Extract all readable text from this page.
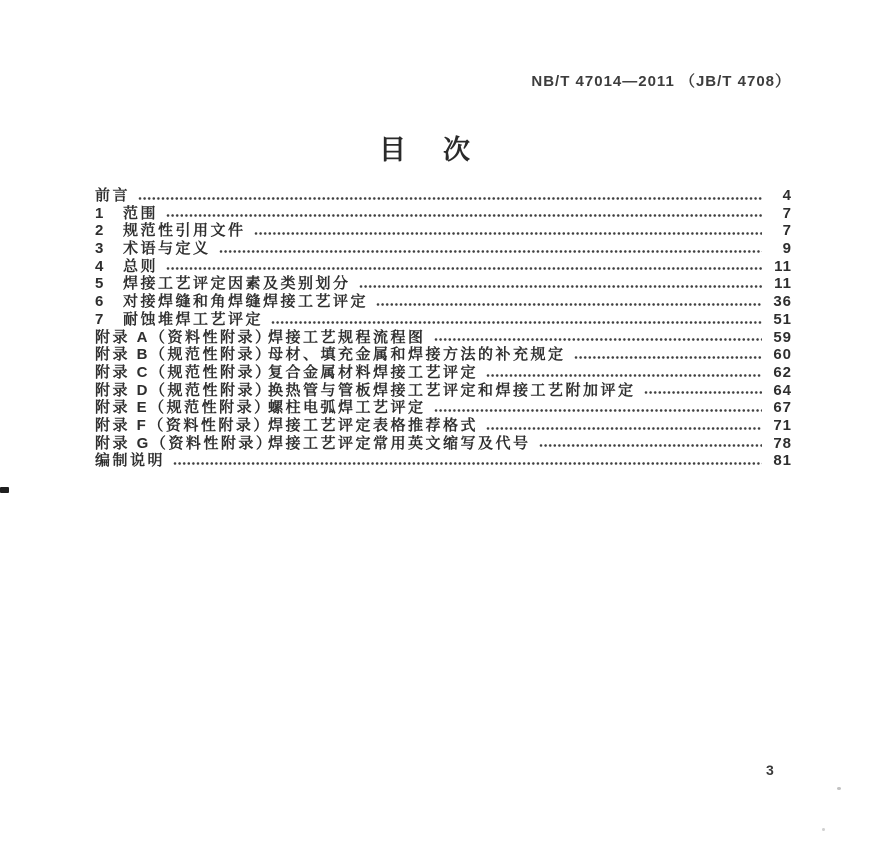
NB/T 47014—2011 （JB/T 4708）
目　次
前言	4
1	范围	7
2	规范性引用文件	7
3	术语与定义	9
4	总则	11
5	焊接工艺评定因素及类别划分	11
6	对接焊缝和角焊缝焊接工艺评定	36
7	耐蚀堆焊工艺评定	51
附录 A（资料性附录）
焊接工艺规程流程图	59
附录 B（规范性附录）
母材、填充金属和焊接方法的补充规定	60
附录 C（规范性附录）
复合金属材料焊接工艺评定	62
附录 D（规范性附录）
换热管与管板焊接工艺评定和焊接工艺附加评定	64
附录 E（规范性附录）
螺柱电弧焊工艺评定	67
附录 F（资料性附录）
焊接工艺评定表格推荐格式	71
附录 G（资料性附录）
焊接工艺评定常用英文缩写及代号	78
编制说明	81
3
